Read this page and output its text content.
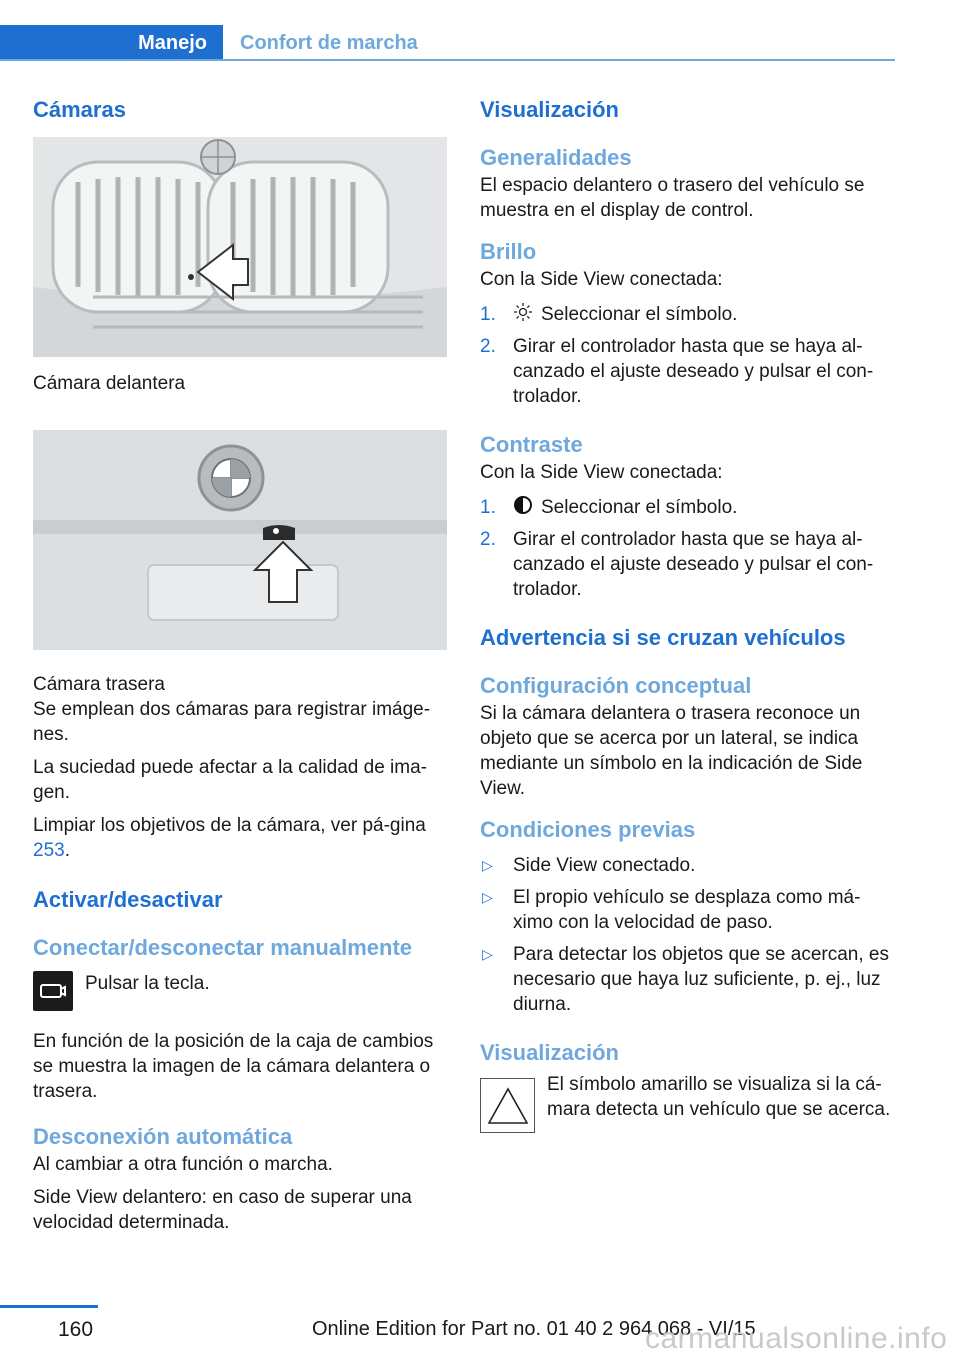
Manejo	Confort de marcha
Cámaras

Cámara delantera

Cámara trasera

Se emplean dos cámaras para registrar imáge‐nes.

La suciedad puede afectar a la calidad de ima‐gen.

Limpiar los objetivos de la cámara, ver pá‐gina 253.

Activar/desactivar
Conectar/desconectar manualmente

Pulsar la tecla.

En función de la posición de la caja de cambios se muestra la imagen de la cámara delantera o trasera.

Desconexión automática

Al cambiar a otra función o marcha.

Side View delantero: en caso de superar una velocidad determinada.

Visualización
Generalidades

El espacio delantero o trasero del vehículo se muestra en el display de control.

Brillo

Con la Side View conectada:

1. Seleccionar el símbolo.
2. Girar el controlador hasta que se haya al‐canzado el ajuste deseado y pulsar el con‐trolador.
Contraste

Con la Side View conectada:

1. Seleccionar el símbolo.
2. Girar el controlador hasta que se haya al‐canzado el ajuste deseado y pulsar el con‐trolador.
Advertencia si se cruzan vehículos
Configuración conceptual

Si la cámara delantera o trasera reconoce un objeto que se acerca por un lateral, se indica mediante un símbolo en la indicación de Side View.

Condiciones previas
▷ Side View conectado.
▷ El propio vehículo se desplaza como má‐ximo con la velocidad de paso.
▷ Para detectar los objetos que se acercan, es necesario que haya luz suficiente, p. ej., luz diurna.
Visualización

El símbolo amarillo se visualiza si la cá‐mara detecta un vehículo que se acerca.

160	Online Edition for Part no. 01 40 2 964 068 - VI/15
carmanualsonline.info
